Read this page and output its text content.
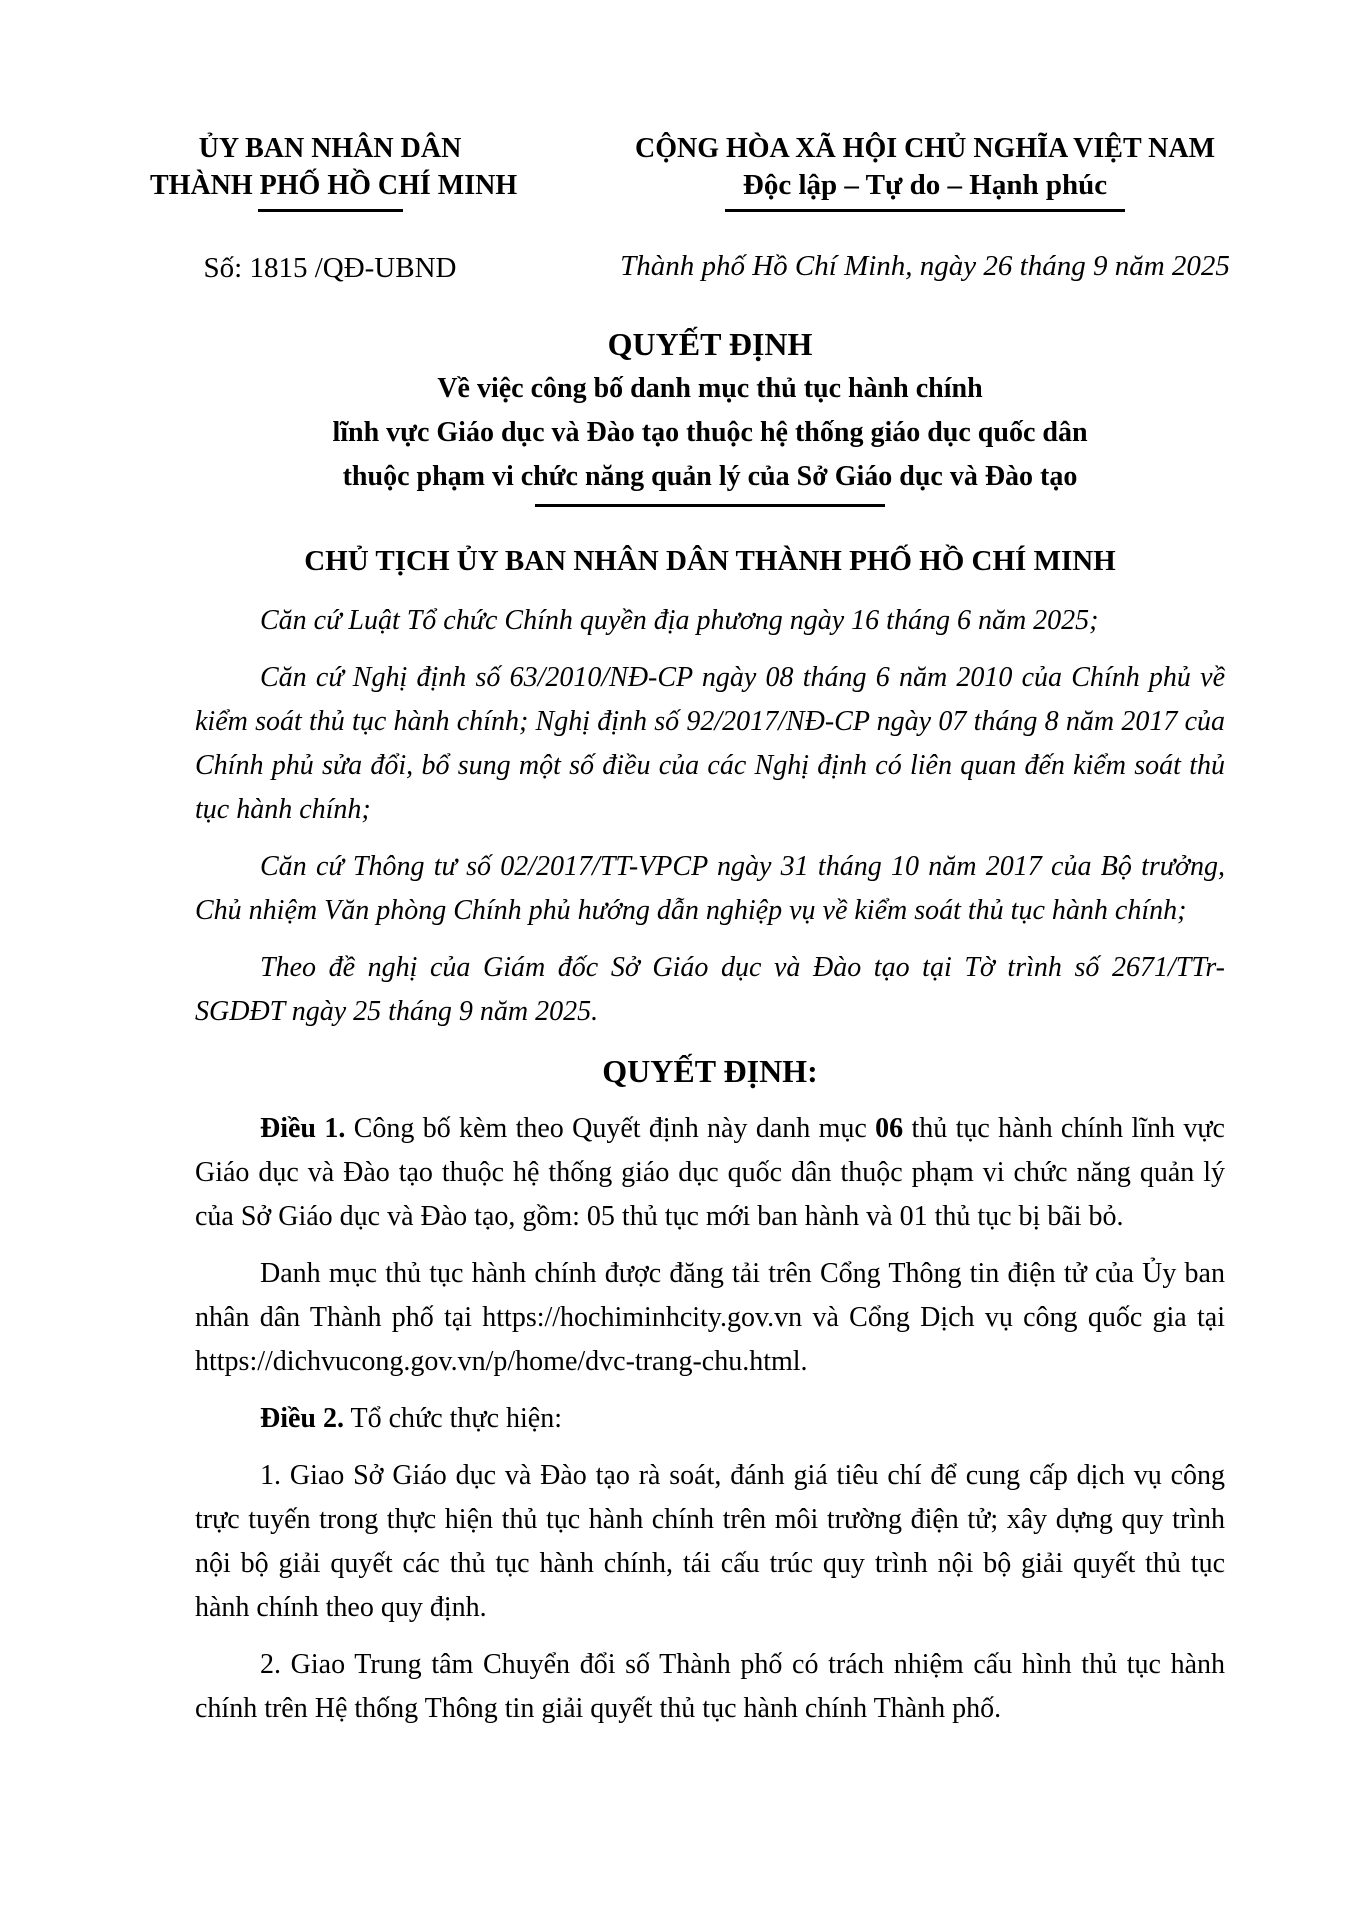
ỦY BAN NHÂN DÂN
THÀNH PHỐ HỒ CHÍ MINH
Số: 1815 /QĐ-UBND
CỘNG HÒA XÃ HỘI CHỦ NGHĨA VIỆT NAM
Độc lập – Tự do – Hạnh phúc
Thành phố Hồ Chí Minh, ngày 26 tháng 9 năm 2025
QUYẾT ĐỊNH
Về việc công bố danh mục thủ tục hành chính
lĩnh vực Giáo dục và Đào tạo thuộc hệ thống giáo dục quốc dân
thuộc phạm vi chức năng quản lý của Sở Giáo dục và Đào tạo
CHỦ TỊCH ỦY BAN NHÂN DÂN THÀNH PHỐ HỒ CHÍ MINH

Căn cứ Luật Tổ chức Chính quyền địa phương ngày 16 tháng 6 năm 2025;

Căn cứ Nghị định số 63/2010/NĐ-CP ngày 08 tháng 6 năm 2010 của Chính phủ về kiểm soát thủ tục hành chính; Nghị định số 92/2017/NĐ-CP ngày 07 tháng 8 năm 2017 của Chính phủ sửa đổi, bổ sung một số điều của các Nghị định có liên quan đến kiểm soát thủ tục hành chính;

Căn cứ Thông tư số 02/2017/TT-VPCP ngày 31 tháng 10 năm 2017 của Bộ trưởng, Chủ nhiệm Văn phòng Chính phủ hướng dẫn nghiệp vụ về kiểm soát thủ tục hành chính;

Theo đề nghị của Giám đốc Sở Giáo dục và Đào tạo tại Tờ trình số 2671/TTr-SGDĐT ngày 25 tháng 9 năm 2025.

QUYẾT ĐỊNH:

Điều 1. Công bố kèm theo Quyết định này danh mục 06 thủ tục hành chính lĩnh vực Giáo dục và Đào tạo thuộc hệ thống giáo dục quốc dân thuộc phạm vi chức năng quản lý của Sở Giáo dục và Đào tạo, gồm: 05 thủ tục mới ban hành và 01 thủ tục bị bãi bỏ.

Danh mục thủ tục hành chính được đăng tải trên Cổng Thông tin điện tử của Ủy ban nhân dân Thành phố tại https://hochiminhcity.gov.vn và Cổng Dịch vụ công quốc gia tại https://dichvucong.gov.vn/p/home/dvc-trang-chu.html.

Điều 2. Tổ chức thực hiện:

1. Giao Sở Giáo dục và Đào tạo rà soát, đánh giá tiêu chí để cung cấp dịch vụ công trực tuyến trong thực hiện thủ tục hành chính trên môi trường điện tử; xây dựng quy trình nội bộ giải quyết các thủ tục hành chính, tái cấu trúc quy trình nội bộ giải quyết thủ tục hành chính theo quy định.

2. Giao Trung tâm Chuyển đổi số Thành phố có trách nhiệm cấu hình thủ tục hành chính trên Hệ thống Thông tin giải quyết thủ tục hành chính Thành phố.
